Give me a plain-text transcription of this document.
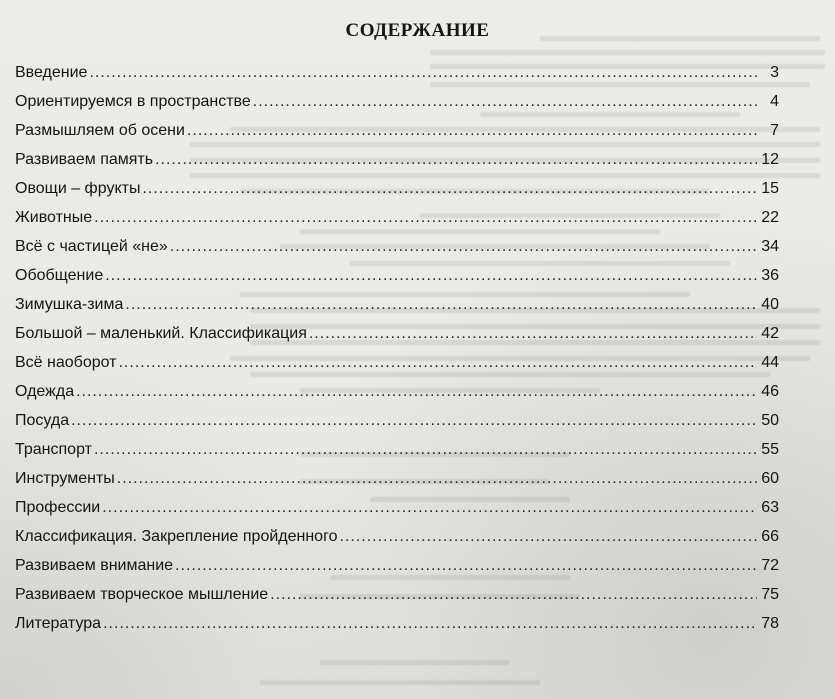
СОДЕРЖАНИЕ
Введение .....	3
Ориентируемся в пространстве .....	4
Размышляем об осени .....	7
Развиваем память .....	12
Овощи – фрукты .....	15
Животные .....	22
Всё с частицей «не» .....	34
Обобщение .....	36
Зимушка-зима .....	40
Большой – маленький. Классификация .....	42
Всё наоборот .....	44
Одежда .....	46
Посуда .....	50
Транспорт .....	55
Инструменты .....	60
Профессии .....	63
Классификация. Закрепление пройденного .....	66
Развиваем внимание .....	72
Развиваем творческое мышление .....	75
Литература .....	78
